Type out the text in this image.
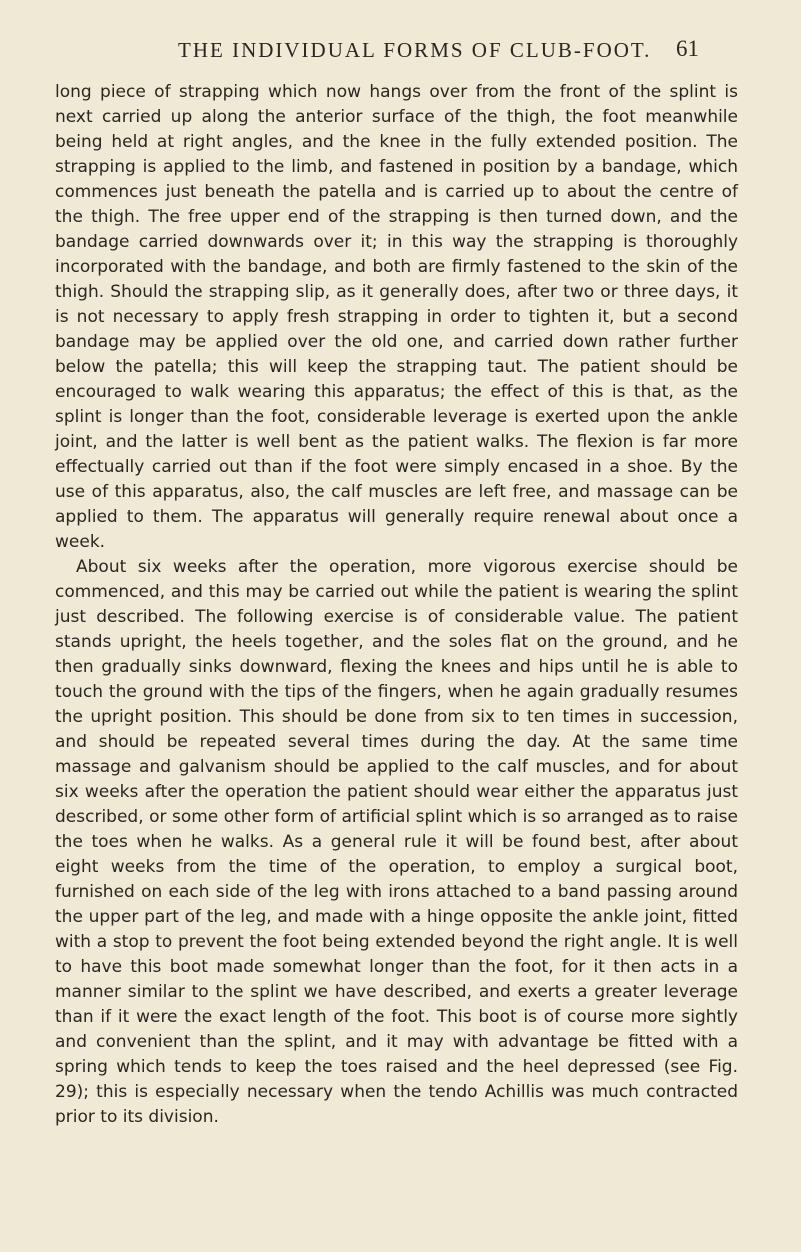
THE INDIVIDUAL FORMS OF CLUB-FOOT. 61

long piece of strapping which now hangs over from the front of the splint is next carried up along the anterior surface of the thigh, the foot meanwhile being held at right angles, and the knee in the fully extended position. The strapping is applied to the limb, and fastened in position by a bandage, which commences just beneath the patella and is carried up to about the centre of the thigh. The free upper end of the strapping is then turned down, and the bandage carried downwards over it; in this way the strapping is thoroughly incorporated with the bandage, and both are firmly fastened to the skin of the thigh. Should the strapping slip, as it generally does, after two or three days, it is not necessary to apply fresh strapping in order to tighten it, but a second bandage may be applied over the old one, and carried down rather further below the patella; this will keep the strapping taut. The patient should be encouraged to walk wearing this apparatus; the effect of this is that, as the splint is longer than the foot, considerable leverage is exerted upon the ankle joint, and the latter is well bent as the patient walks. The flexion is far more effectually carried out than if the foot were simply encased in a shoe. By the use of this apparatus, also, the calf muscles are left free, and massage can be applied to them. The apparatus will generally require renewal about once a week.

About six weeks after the operation, more vigorous exercise should be commenced, and this may be carried out while the patient is wearing the splint just described. The following exercise is of considerable value. The patient stands upright, the heels together, and the soles flat on the ground, and he then gradually sinks downward, flexing the knees and hips until he is able to touch the ground with the tips of the fingers, when he again gradually resumes the upright position. This should be done from six to ten times in succession, and should be repeated several times during the day. At the same time massage and galvanism should be applied to the calf muscles, and for about six weeks after the operation the patient should wear either the apparatus just described, or some other form of artificial splint which is so arranged as to raise the toes when he walks. As a general rule it will be found best, after about eight weeks from the time of the operation, to employ a surgical boot, furnished on each side of the leg with irons attached to a band passing around the upper part of the leg, and made with a hinge opposite the ankle joint, fitted with a stop to prevent the foot being extended beyond the right angle. It is well to have this boot made somewhat longer than the foot, for it then acts in a manner similar to the splint we have described, and exerts a greater leverage than if it were the exact length of the foot. This boot is of course more sightly and convenient than the splint, and it may with advantage be fitted with a spring which tends to keep the toes raised and the heel depressed (see Fig. 29); this is especially necessary when the tendo Achillis was much contracted prior to its division.
